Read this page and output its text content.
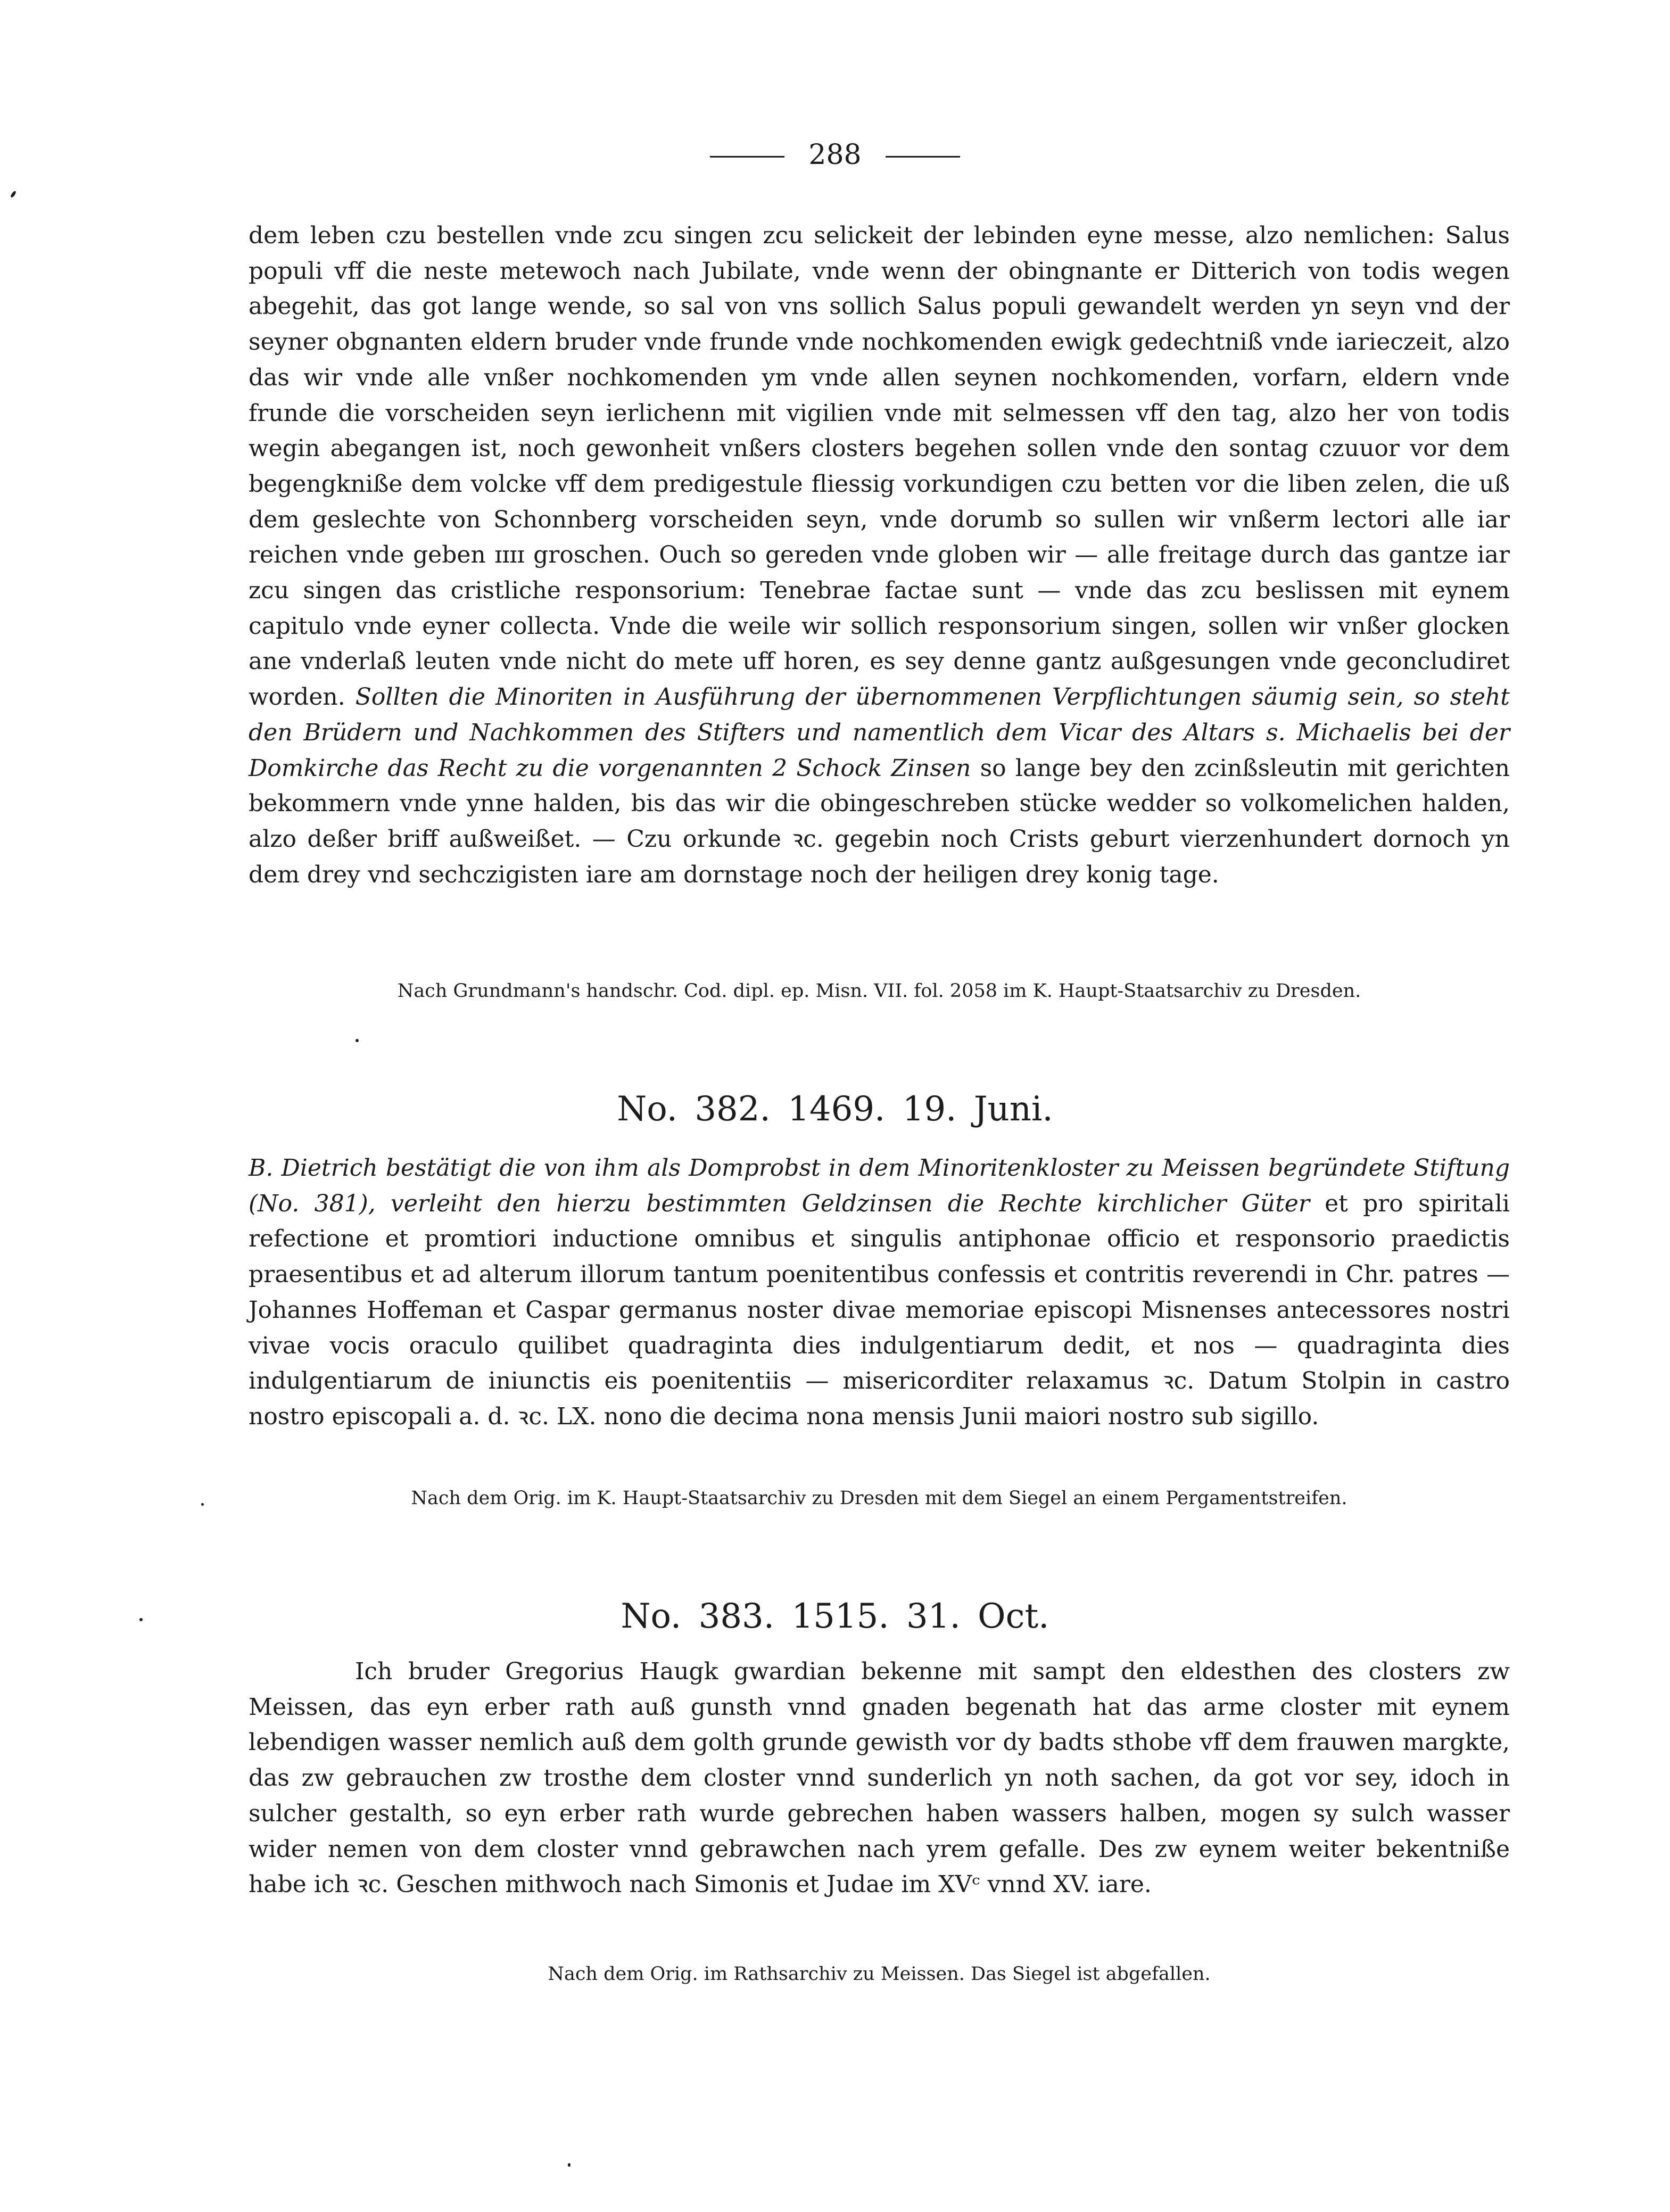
288

dem leben czu bestellen vnde zcu singen zcu selickeit der lebinden eyne messe, alzo nemlichen: Salus populi vff die neste metewoch nach Jubilate, vnde wenn der obingnante er Ditterich von todis wegen abegehit, das got lange wende, so sal von vns sollich Salus populi gewandelt werden yn seyn vnd der seyner obgnanten eldern bruder vnde frunde vnde nochkomenden ewigk gedechtniß vnde iarieczeit, alzo das wir vnde alle vnßer nochkomenden ym vnde allen seynen nochkomenden, vorfarn, eldern vnde frunde die vorscheiden seyn ierlichenn mit vigilien vnde mit selmessen vff den tag, alzo her von todis wegin abegangen ist, noch gewonheit vnßers closters begehen sollen vnde den sontag czuuor vor dem begengkniße dem volcke vff dem predigestule fliessig vorkundigen czu betten vor die liben zelen, die uß dem geslechte von Schonnberg vorscheiden seyn, vnde dorumb so sullen wir vnßerm lectori alle iar reichen vnde geben ɪɪɪɪ groschen. Ouch so gereden vnde globen wir — alle freitage durch das gantze iar zcu singen das cristliche responsorium: Tenebrae factae sunt — vnde das zcu beslissen mit eynem capitulo vnde eyner collecta. Vnde die weile wir sollich responsorium singen, sollen wir vnßer glocken ane vnderlaß leuten vnde nicht do mete uff horen, es sey denne gantz außgesungen vnde geconcludiret worden. Sollten die Minoriten in Ausführung der übernommenen Verpflichtungen säumig sein, so steht den Brüdern und Nachkommen des Stifters und namentlich dem Vicar des Altars s. Michaelis bei der Domkirche das Recht zu die vorgenannten 2 Schock Zinsen so lange bey den zcinßsleutin mit gerichten bekommern vnde ynne halden, bis das wir die obingeschreben stücke wedder so volkomelichen halden, alzo deßer briff außweißet. — Czu orkunde ꝛc. gegebin noch Crists geburt vierzenhundert dornoch yn dem drey vnd sechczigisten iare am dornstage noch der heiligen drey konig tage.

Nach Grundmann's handschr. Cod. dipl. ep. Misn. VII. fol. 2058 im K. Haupt-Staatsarchiv zu Dresden.
No. 382. 1469. 19. Juni.

B. Dietrich bestätigt die von ihm als Domprobst in dem Minoritenkloster zu Meissen begründete Stiftung (No. 381), verleiht den hierzu bestimmten Geldzinsen die Rechte kirchlicher Güter et pro spiritali refectione et promtiori inductione omnibus et singulis antiphonae officio et responsorio praedictis praesentibus et ad alterum illorum tantum poenitentibus confessis et contritis reverendi in Chr. patres — Johannes Hoffeman et Caspar germanus noster divae memoriae episcopi Misnenses antecessores nostri vivae vocis oraculo quilibet quadraginta dies indulgentiarum dedit, et nos — quadraginta dies indulgentiarum de iniunctis eis poenitentiis — misericorditer relaxamus ꝛc. Datum Stolpin in castro nostro episcopali a. d. ꝛc. LX. nono die decima nona mensis Junii maiori nostro sub sigillo.

Nach dem Orig. im K. Haupt-Staatsarchiv zu Dresden mit dem Siegel an einem Pergamentstreifen.
No. 383. 1515. 31. Oct.

Ich bruder Gregorius Haugk gwardian bekenne mit sampt den eldesthen des closters zw Meissen, das eyn erber rath auß gunsth vnnd gnaden begenath hat das arme closter mit eynem lebendigen wasser nemlich auß dem golth grunde gewisth vor dy badts sthobe vff dem frauwen margkte, das zw gebrauchen zw trosthe dem closter vnnd sunderlich yn noth sachen, da got vor sey, idoch in sulcher gestalth, so eyn erber rath wurde gebrechen haben wassers halben, mogen sy sulch wasser wider nemen von dem closter vnnd gebrawchen nach yrem gefalle. Des zw eynem weiter bekentniße habe ich ꝛc. Geschen mithwoch nach Simonis et Judae im XVᶜ vnnd XV. iare.

Nach dem Orig. im Rathsarchiv zu Meissen. Das Siegel ist abgefallen.
